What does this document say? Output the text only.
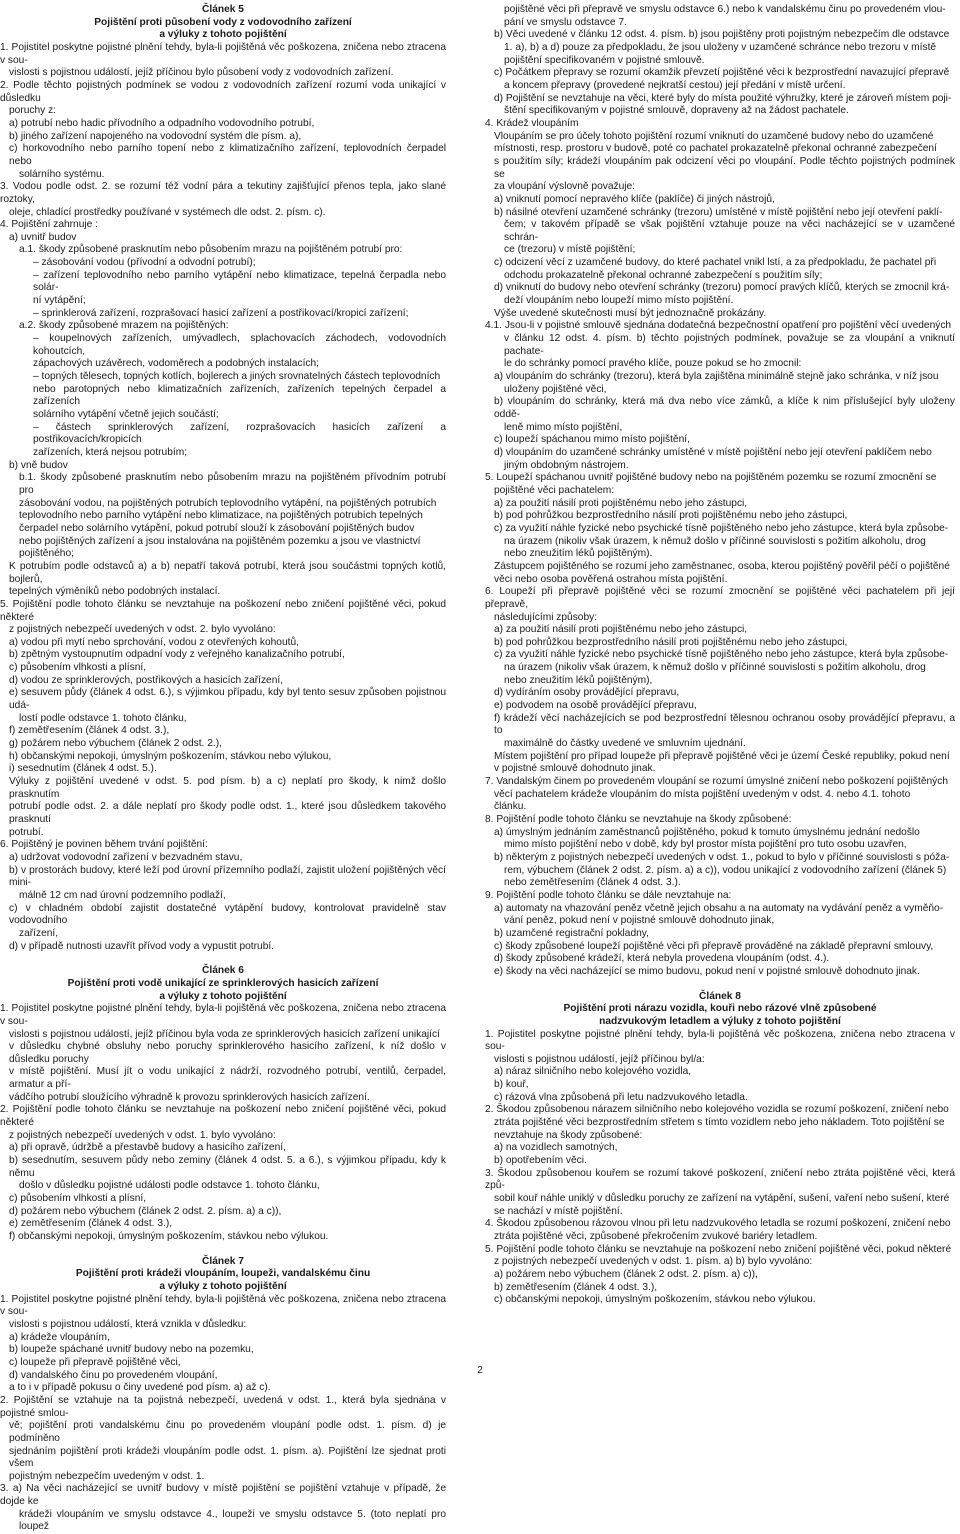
Článek 5

Pojištění proti působení vody z vodovodního zařízení

a výluky z tohoto pojištění

1. Pojistitel poskytne pojistné plnění tehdy, byla-li pojištěná věc poškozena, zničena nebo ztracena v sou-

vislosti s pojistnou událostí, jejíž příčinou bylo působení vody z vodovodních zařízení.

2. Podle těchto pojistných podmínek se vodou z vodovodních zařízení rozumí voda unikající v důsledku

poruchy z:

a) potrubí nebo hadic přívodního a odpadního vodovodního potrubí,

b) jiného zařízení napojeného na vodovodní systém dle písm. a),

c) horkovodního nebo parního topení nebo z klimatizačního zařízení, teplovodních čerpadel nebo

solárního systému.

3. Vodou podle odst. 2. se rozumí též vodní pára a tekutiny zajišťující přenos tepla, jako slané roztoky,

oleje, chladící prostředky používané v systémech dle odst. 2. písm. c).

4. Pojištění zahrnuje :

a) uvnitř budov

a.1. škody způsobené prasknutím nebo působením mrazu na pojištěném potrubí pro:

– zásobování vodou (přívodní a odvodní potrubí);

– zařízení teplovodního nebo parního vytápění nebo klimatizace, tepelná čerpadla nebo solár-

ní vytápění;

– sprinklerová zařízení, rozprašovací hasicí zařízení a postřikovací/kropicí zařízení;

a.2. škody způsobené mrazem na pojištěných:

– koupelnových zařízeních, umývadlech, splachovacích záchodech, vodovodních kohoutcích,

zápachových uzávěrech, vodoměrech a podobných instalacích;

– topných tělesech, topných kotlích, bojlerech a jiných srovnatelných částech teplovodních

nebo parotopných nebo klimatizačních zařízeních, zařízeních tepelných čerpadel a zařízeních

solárního vytápění včetně jejich součástí;

– částech sprinklerových zařízení, rozprašovacích hasicích zařízení a postřikovacích/kropicích

zařízeních, která nejsou potrubím;

b) vně budov

b.1. škody způsobené prasknutím nebo působením mrazu na pojištěném přívodním potrubí pro

zásobování vodou, na pojištěných potrubích teplovodního vytápění, na pojištěných potrubích

teplovodního nebo parního vytápění nebo klimatizace, na pojištěných potrubích tepelných

čerpadel nebo solárního vytápění, pokud potrubí slouží k zásobování pojištěných budov

nebo pojištěných zařízení a jsou instalována na pojištěném pozemku a jsou ve vlastnictví

pojištěného;

K potrubím podle odstavců a) a b) nepatří taková potrubí, která jsou součástmi topných kotlů, bojlerů,

tepelných výměníků nebo podobných instalací.

5. Pojištění podle tohoto článku se nevztahuje na poškození nebo zničení pojištěné věci, pokud některé

z pojistných nebezpečí uvedených v odst. 2. bylo vyvoláno:

a) vodou při mytí nebo sprchování, vodou z otevřených kohoutů,

b) zpětným vystoupnutím odpadní vody z veřejného kanalizačního potrubí,

c) působením vlhkosti a plísní,

d) vodou ze sprinklerových, postřikových a hasicích zařízení,

e) sesuvem půdy (článek 4 odst. 6.), s výjimkou případu, kdy byl tento sesuv způsoben pojistnou udá-

lostí podle odstavce 1. tohoto článku,

f) zemětřesením (článek 4 odst. 3.),

g) požárem nebo výbuchem (článek 2 odst. 2.),

h) občanskými nepokoji, úmyslným poškozením, stávkou nebo výlukou,

i) sesednutím (článek 4 odst. 5.).

Výluky z pojištění uvedené v odst. 5. pod písm. b) a c) neplatí pro škody, k nimž došlo prasknutím

potrubí podle odst. 2. a dále neplatí pro škody podle odst. 1., které jsou důsledkem takového prasknutí

potrubí.

6. Pojištěný je povinen během trvání pojištění:

a) udržovat vodovodní zařízení v bezvadném stavu,

b) v prostorách budovy, které leží pod úrovní přízemního podlaží, zajistit uložení pojištěných věcí mini-

málně 12 cm nad úrovní podzemního podlaží,

c) v chladném období zajistit dostatečné vytápění budovy, kontrolovat pravidelně stav vodovodního

zařízení,

d) v případě nutnosti uzavřít přívod vody a vypustit potrubí.

Článek 6

Pojištění proti vodě unikající ze sprinklerových hasicích zařízení

a výluky z tohoto pojištění

1. Pojistitel poskytne pojistné plnění tehdy, byla-li pojištěná věc poškozena, zničena nebo ztracena v sou-

vislosti s pojistnou událostí, jejíž příčinou byla voda ze sprinklerových hasicích zařízení unikající

v důsledku chybné obsluhy nebo poruchy sprinklerového hasicího zařízení, k níž došlo v důsledku poruchy

v místě pojištění. Musí jít o vodu unikající z nádrží, rozvodného potrubí, ventilů, čerpadel, armatur a pří-

vádčího potrubí sloužícího výhradně k provozu sprinklerových hasicích zařízení.

2. Pojištění podle tohoto článku se nevztahuje na poškození nebo zničení pojištěné věci, pokud některé

z pojistných nebezpečí uvedených v odst. 1. bylo vyvoláno:

a) při opravě, údržbě a přestavbě budovy a hasicího zařízení,

b) sesednutím, sesuvem půdy nebo zeminy (článek 4 odst. 5. a 6.), s výjimkou případu, kdy k němu

došlo v důsledku pojistné události podle odstavce 1. tohoto článku,

c) působením vlhkosti a plísní,

d) požárem nebo výbuchem (článek 2 odst. 2. písm. a) a c)),

e) zemětřesením (článek 4 odst. 3.),

f) občanskými nepokoji, úmyslným poškozením, stávkou nebo výlukou.

Článek 7

Pojištění proti krádeži vloupáním, loupeži, vandalskému činu

a výluky z tohoto pojištění

1. Pojistitel poskytne pojistné plnění tehdy, byla-li pojištěná věc poškozena, zničena nebo ztracena v sou-

vislosti s pojistnou událostí, která vznikla v důsledku:

a) krádeže vloupáním,

b) loupeže spáchané uvnitř budovy nebo na pozemku,

c) loupeže při přepravě pojištěné věci,

d) vandalského činu po provedeném vloupání,

a to i v případě pokusu o činy uvedené pod písm. a) až c).

2. Pojištění se vztahuje na ta pojistná nebezpečí, uvedená v odst. 1., která byla sjednána v pojistné smlou-

vě; pojištění proti vandalskému činu po provedeném vloupání podle odst. 1. písm. d) je podmíněno

sjednáním pojištění proti krádeži vloupáním podle odst. 1. písm. a). Pojištění lze sjednat proti všem

pojistným nebezpečím uvedeným v odst. 1.

3. a) Na věci nacházející se uvnitř budovy v místě pojištění se pojištění vztahuje v případě, že dojde ke

krádeži vloupáním ve smyslu odstavce 4., loupeži ve smyslu odstavce 5. (toto neplatí pro loupež

pojištěné věci při přepravě ve smyslu odstavce 6.) nebo k vandalskému činu po provedeném vlou-

pání ve smyslu odstavce 7.

b) Věci uvedené v článku 12 odst. 4. písm. b) jsou pojištěny proti pojistným nebezpečím dle odstavce

1. a), b) a d) pouze za předpokladu, že jsou uloženy v uzamčené schránce nebo trezoru v místě

pojištění specifikovaném v pojistné smlouvě.

c) Počátkem přepravy se rozumí okamžik převzetí pojištěné věci k bezprostřední navazující přepravě

a koncem přepravy (provedené nejkratší cestou) její předání v místě určení.

d) Pojištění se nevztahuje na věci, které byly do místa použité výhružky, které je zároveň místem poji-

štění specifikovaným v pojistné smlouvě, dopraveny až na žádost pachatele.

4. Krádež vloupáním

Vloupáním se pro účely tohoto pojištění rozumí vniknutí do uzamčené budovy nebo do uzamčené

místnosti, resp. prostoru v budově, poté co pachatel prokazatelně překonal ochranné zabezpečení

s použitím síly; krádeží vloupáním pak odcizení věci po vloupání. Podle těchto pojistných podmínek se

za vloupání výslovně považuje:

a) vniknutí pomocí nepravého klíče (paklíče) či jiných nástrojů,

b) násilné otevření uzamčené schránky (trezoru) umístěné v místě pojištění nebo její otevření paklí-

čem; v takovém případě se však pojištění vztahuje pouze na věci nacházející se v uzamčené schrán-

ce (trezoru) v místě pojištění;

c) odcizení věcí z uzamčené budovy, do které pachatel vnikl lstí, a za předpokladu, že pachatel při

odchodu prokazatelně překonal ochranné zabezpečení s použitím síly;

d) vniknutí do budovy nebo otevření schránky (trezoru) pomocí pravých klíčů, kterých se zmocnil krá-

deží vloupáním nebo loupeží mimo místo pojištění.

Výše uvedené skutečnosti musí být jednoznačně prokázány.

4.1. Jsou-li v pojistné smlouvě sjednána dodatečná bezpečnostní opatření pro pojištění věcí uvedených

v článku 12 odst. 4. písm. b) těchto pojistných podmínek, považuje se za vloupání a vniknutí pachate-

le do schránky pomocí pravého klíče, pouze pokud se ho zmocnil:

a) vloupáním do schránky (trezoru), která byla zajištěna minimálně stejně jako schránka, v níž jsou

uloženy pojištěné věci,

b) vloupáním do schránky, která má dva nebo více zámků, a klíče k nim příslušející byly uloženy oddě-

leně mimo místo pojištění,

c) loupeží spáchanou mimo místo pojištění,

d) vloupáním do uzamčené schránky umístěné v místě pojištění nebo její otevření paklíčem nebo

jiným obdobným nástrojem.

5. Loupeží spáchanou uvnitř pojištěné budovy nebo na pojištěném pozemku se rozumí zmocnění se

pojištěné věci pachatelem:

a) za použití násilí proti pojištěnému nebo jeho zástupci,

b) pod pohrůžkou bezprostředního násilí proti pojištěnému nebo jeho zástupci,

c) za využití náhle fyzické nebo psychické tísně pojištěného nebo jeho zástupce, která byla způsobe-

na úrazem (nikoliv však úrazem, k němuž došlo v příčinné souvislosti s požitím alkoholu, drog

nebo zneužitím léků pojištěným).

Zástupcem pojištěného se rozumí jeho zaměstnanec, osoba, kterou pojištěný pověřil péčí o pojištěné

věci nebo osoba pověřená ostrahou místa pojištění.

6. Loupeží při přepravě pojištěné věci se rozumí zmocnění se pojištěné věci pachatelem při její přepravě,

následujícími způsoby:

a) za použití násilí proti pojištěnému nebo jeho zástupci,

b) pod pohrůžkou bezprostředního násilí proti pojištěnému nebo jeho zástupci,

c) za využití náhle fyzické nebo psychické tísně pojištěného nebo jeho zástupce, která byla způsobe-

na úrazem (nikoliv však úrazem, k němuž došlo v příčinné souvislosti s požitím alkoholu, drog

nebo zneužitím léků pojištěným),

d) vydíráním osoby provádějící přepravu,

e) podvodem na osobě provádějící přepravu,

f) krádeží věcí nacházejících se pod bezprostřední tělesnou ochranou osoby provádějící přepravu, a to

maximálně do částky uvedené ve smluvním ujednání.

Místem pojištění pro případ loupeže při přepravě pojištěné věci je území České republiky, pokud není

v pojistné smlouvě dohodnuto jinak.

7. Vandalským činem po provedeném vloupání se rozumí úmyslné zničení nebo poškození pojištěných

věcí pachatelem krádeže vloupáním do místa pojištění uvedeným v odst. 4. nebo 4.1. tohoto

článku.

8. Pojištění podle tohoto článku se nevztahuje na škody způsobené:

a) úmyslným jednáním zaměstnanců pojištěného, pokud k tomuto úmyslnému jednání nedošlo

mimo místo pojištění nebo v době, kdy byl prostor místa pojištění pro tuto osobu uzavřen,

b) některým z pojistných nebezpečí uvedených v odst. 1., pokud to bylo v příčinné souvislosti s póža-

rem, výbuchem (článek 2 odst. 2. písm. a) a c)), vodou unikající z vodovodního zařízení (článek 5)

nebo zemětřesením (článek 4 odst. 3.).

9. Pojištění podle tohoto článku se dále nevztahuje na:

a) automaty na vhazování peněz včetně jejich obsahu a na automaty na vydávání peněz a vyměňo-

vání peněz, pokud není v pojistné smlouvě dohodnuto jinak,

b) uzamčené registrační pokladny,

c) škody způsobené loupeží pojištěné věci při přepravě prováděné na základě přepravní smlouvy,

d) škody způsobené krádeží, která nebyla provedena vloupáním (odst. 4.).

e) škody na věci nacházející se mimo budovu, pokud není v pojistné smlouvě dohodnuto jinak.

Článek 8

Pojištění proti nárazu vozidla, kouři nebo rázové vlně způsobené

nadzvukovým letadlem a výluky z tohoto pojištění

1. Pojistitel poskytne pojistné plnění tehdy, byla-li pojištěná věc poškozena, zničena nebo ztracena v sou-

vislosti s pojistnou událostí, jejíž příčinou byl/a:

a) náraz silničního nebo kolejového vozidla,

b) kouř,

c) rázová vlna způsobená při letu nadzvukového letadla.

2. Škodou způsobenou nárazem silničního nebo kolejového vozidla se rozumí poškození, zničení nebo

ztráta pojištěné věci bezprostředním střetem s tímto vozidlem nebo jeho nákladem. Toto pojištění se

nevztahuje na škody způsobené:

a) na vozidlech samotných,

b) opotřebením věci.

3. Škodou způsobenou kouřem se rozumí takové poškození, zničení nebo ztráta pojištěné věci, která způ-

sobil kouř náhle uniklý v důsledku poruchy ze zařízení na vytápění, sušení, vaření nebo sušení, které

se nachází v místě pojištění.

4. Škodou způsobenou rázovou vlnou při letu nadzvukového letadla se rozumí poškození, zničení nebo

ztráta pojištěné věci, způsobené překročením zvukové bariéry letadlem.

5. Pojištění podle tohoto článku se nevztahuje na poškození nebo zničení pojištěné věci, pokud některé

z pojistných nebezpečí uvedených v odst. 1. písm. a) b) bylo vyvoláno:

a) požárem nebo výbuchem (článek 2 odst. 2. písm. a) c)),

b) zemětřesením (článek 4 odst. 3.),

c) občanskými nepokoji, úmyslným poškozením, stávkou nebo výlukou.

2
